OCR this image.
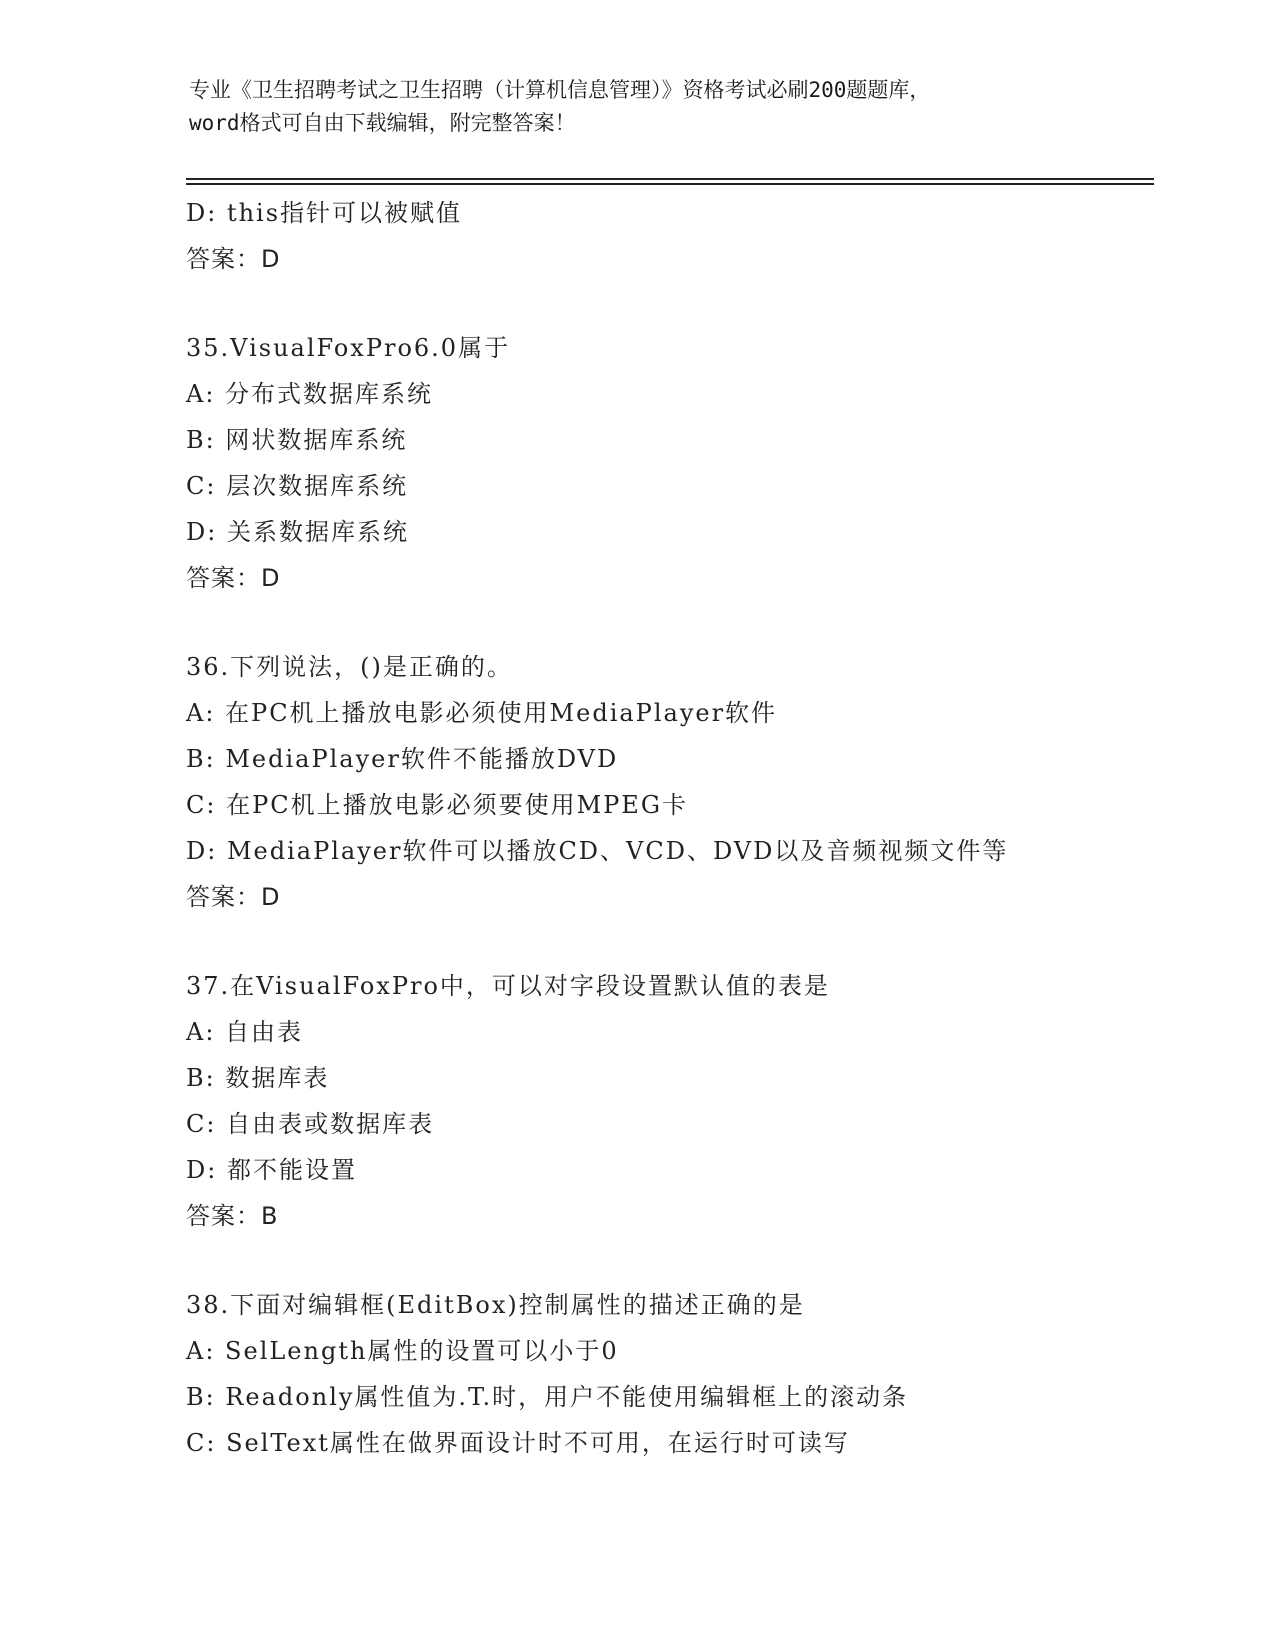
专业《卫生招聘考试之卫生招聘（计算机信息管理）》资格考试必刷200题题库，
word格式可自由下载编辑，附完整答案！
D: this指针可以被赋值
答案：D
35.VisualFoxPro6.0属于
A: 分布式数据库系统
B: 网状数据库系统
C: 层次数据库系统
D: 关系数据库系统
答案：D
36.下列说法，()是正确的。
A: 在PC机上播放电影必须使用MediaPlayer软件
B: MediaPlayer软件不能播放DVD
C: 在PC机上播放电影必须要使用MPEG卡
D: MediaPlayer软件可以播放CD、VCD、DVD以及音频视频文件等
答案：D
37.在VisualFoxPro中，可以对字段设置默认值的表是
A: 自由表
B: 数据库表
C: 自由表或数据库表
D: 都不能设置
答案：B
38.下面对编辑框(EditBox)控制属性的描述正确的是
A: SelLength属性的设置可以小于0
B: Readonly属性值为.T.时，用户不能使用编辑框上的滚动条
C: SelText属性在做界面设计时不可用，在运行时可读写
